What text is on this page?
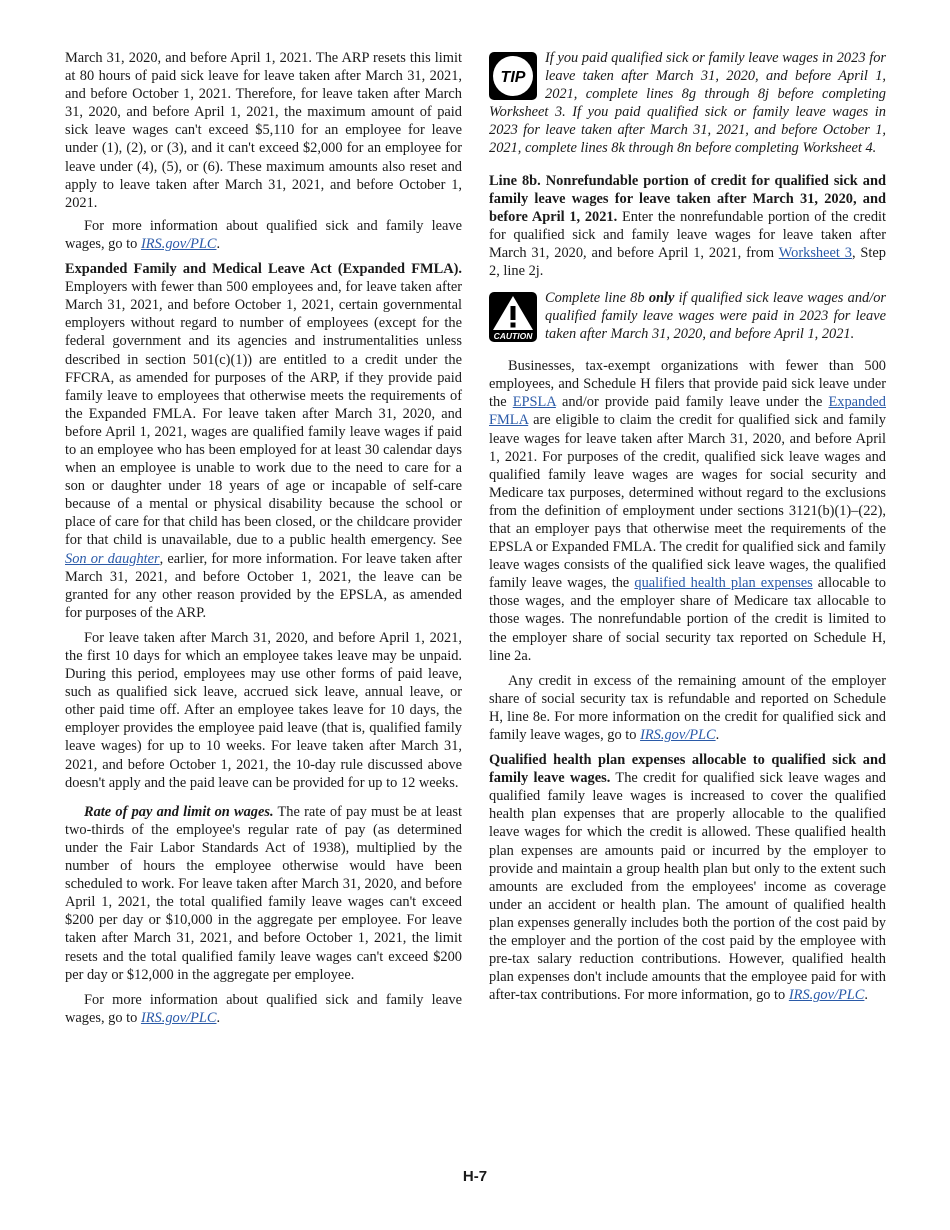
March 31, 2020, and before April 1, 2021. The ARP resets this limit at 80 hours of paid sick leave for leave taken after March 31, 2021, and before October 1, 2021. Therefore, for leave taken after March 31, 2020, and before April 1, 2021, the maximum amount of paid sick leave wages can't exceed $5,110 for an employee for leave under (1), (2), or (3), and it can't exceed $2,000 for an employee for leave under (4), (5), or (6). These maximum amounts also reset and apply to leave taken after March 31, 2021, and before October 1, 2021.

For more information about qualified sick and family leave wages, go to IRS.gov/PLC.

Expanded Family and Medical Leave Act (Expanded FMLA). Employers with fewer than 500 employees and, for leave taken after March 31, 2021, and before October 1, 2021, certain governmental employers without regard to number of employees (except for the federal government and its agencies and instrumentalities unless described in section 501(c)(1)) are entitled to a credit under the FFCRA, as amended for purposes of the ARP, if they provide paid family leave to employees that otherwise meets the requirements of the Expanded FMLA. For leave taken after March 31, 2020, and before April 1, 2021, wages are qualified family leave wages if paid to an employee who has been employed for at least 30 calendar days when an employee is unable to work due to the need to care for a son or daughter under 18 years of age or incapable of self-care because of a mental or physical disability because the school or place of care for that child has been closed, or the childcare provider for that child is unavailable, due to a public health emergency. See Son or daughter, earlier, for more information. For leave taken after March 31, 2021, and before October 1, 2021, the leave can be granted for any other reason provided by the EPSLA, as amended for purposes of the ARP.

For leave taken after March 31, 2020, and before April 1, 2021, the first 10 days for which an employee takes leave may be unpaid. During this period, employees may use other forms of paid leave, such as qualified sick leave, accrued sick leave, annual leave, or other paid time off. After an employee takes leave for 10 days, the employer provides the employee paid leave (that is, qualified family leave wages) for up to 10 weeks. For leave taken after March 31, 2021, and before October 1, 2021, the 10-day rule discussed above doesn't apply and the paid leave can be provided for up to 12 weeks.

Rate of pay and limit on wages. The rate of pay must be at least two-thirds of the employee's regular rate of pay (as determined under the Fair Labor Standards Act of 1938), multiplied by the number of hours the employee otherwise would have been scheduled to work. For leave taken after March 31, 2020, and before April 1, 2021, the total qualified family leave wages can't exceed $200 per day or $10,000 in the aggregate per employee. For leave taken after March 31, 2021, and before October 1, 2021, the limit resets and the total qualified family leave wages can't exceed $200 per day or $12,000 in the aggregate per employee.

For more information about qualified sick and family leave wages, go to IRS.gov/PLC.

TIP

If you paid qualified sick or family leave wages in 2023 for leave taken after March 31, 2020, and before April 1, 2021, complete lines 8g through 8j before completing Worksheet 3. If you paid qualified sick or family leave wages in 2023 for leave taken after March 31, 2021, and before October 1, 2021, complete lines 8k through 8n before completing Worksheet 4.

Line 8b. Nonrefundable portion of credit for qualified sick and family leave wages for leave taken after March 31, 2020, and before April 1, 2021. Enter the nonrefundable portion of the credit for qualified sick and family leave wages for leave taken after March 31, 2020, and before April 1, 2021, from Worksheet 3, Step 2, line 2j.

CAUTION

Complete line 8b only if qualified sick leave wages and/or qualified family leave wages were paid in 2023 for leave taken after March 31, 2020, and before April 1, 2021.

Businesses, tax-exempt organizations with fewer than 500 employees, and Schedule H filers that provide paid sick leave under the EPSLA and/or provide paid family leave under the Expanded FMLA are eligible to claim the credit for qualified sick and family leave wages for leave taken after March 31, 2020, and before April 1, 2021. For purposes of the credit, qualified sick leave wages and qualified family leave wages are wages for social security and Medicare tax purposes, determined without regard to the exclusions from the definition of employment under sections 3121(b)(1)–(22), that an employer pays that otherwise meet the requirements of the EPSLA or Expanded FMLA. The credit for qualified sick and family leave wages consists of the qualified sick leave wages, the qualified family leave wages, the qualified health plan expenses allocable to those wages, and the employer share of Medicare tax allocable to those wages. The nonrefundable portion of the credit is limited to the employer share of social security tax reported on Schedule H, line 2a.

Any credit in excess of the remaining amount of the employer share of social security tax is refundable and reported on Schedule H, line 8e. For more information on the credit for qualified sick and family leave wages, go to IRS.gov/PLC.

Qualified health plan expenses allocable to qualified sick and family leave wages. The credit for qualified sick leave wages and qualified family leave wages is increased to cover the qualified health plan expenses that are properly allocable to the qualified leave wages for which the credit is allowed. These qualified health plan expenses are amounts paid or incurred by the employer to provide and maintain a group health plan but only to the extent such amounts are excluded from the employees' income as coverage under an accident or health plan. The amount of qualified health plan expenses generally includes both the portion of the cost paid by the employer and the portion of the cost paid by the employee with pre-tax salary reduction contributions. However, qualified health plan expenses don't include amounts that the employee paid for with after-tax contributions. For more information, go to IRS.gov/PLC.

H-7
